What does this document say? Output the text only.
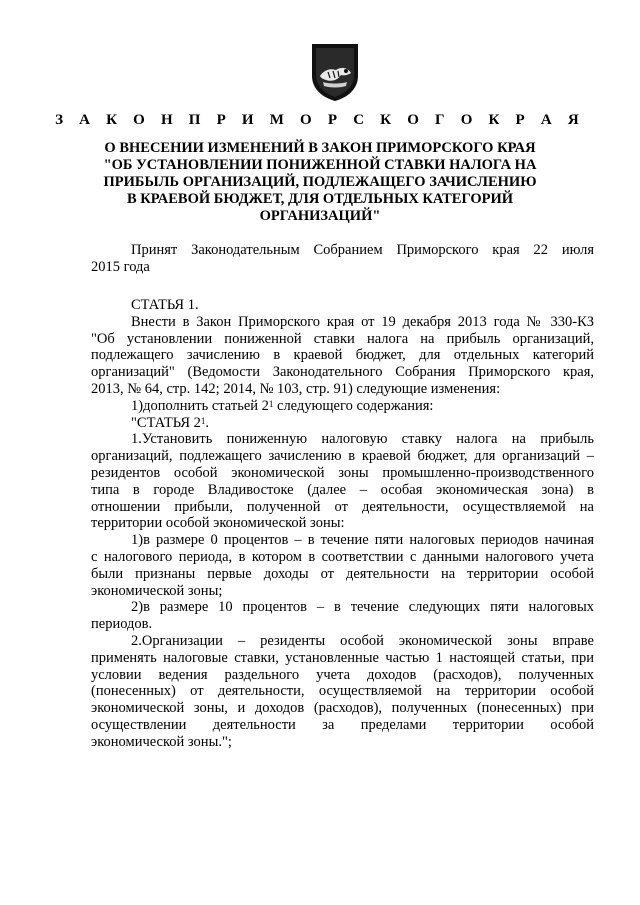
З А К О Н П Р И М О Р С К О Г О К Р А Я
О ВНЕСЕНИИ ИЗМЕНЕНИЙ В ЗАКОН ПРИМОРСКОГО КРАЯ
"ОБ УСТАНОВЛЕНИИ ПОНИЖЕННОЙ СТАВКИ НАЛОГА НА
ПРИБЫЛЬ ОРГАНИЗАЦИЙ, ПОДЛЕЖАЩЕГО ЗАЧИСЛЕНИЮ
В КРАЕВОЙ БЮДЖЕТ, ДЛЯ ОТДЕЛЬНЫХ КАТЕГОРИЙ
ОРГАНИЗАЦИЙ"
Принят Законодательным Собранием Приморского края 22 июля
2015 года
СТАТЬЯ 1.
Внести в Закон Приморского края от 19 декабря 2013 года № 330-КЗ
"Об установлении пониженной ставки налога на прибыль организаций,
подлежащего зачислению в краевой бюджет, для отдельных категорий
организаций" (Ведомости Законодательного Собрания Приморского края,
2013, № 64, стр. 142; 2014, № 103, стр. 91) следующие изменения:
1)дополнить статьей $2^1$ следующего содержания:
"СТАТЬЯ $2^1$.
1.Установить пониженную налоговую ставку налога на прибыль
организаций, подлежащего зачислению в краевой бюджет, для организаций –
резидентов особой экономической зоны промышленно-производственного
типа в городе Владивостоке (далее – особая экономическая зона) в
отношении прибыли, полученной от деятельности, осуществляемой на
территории особой экономической зоны:
1)в размере 0 процентов – в течение пяти налоговых периодов начиная
с налогового периода, в котором в соответствии с данными налогового учета
были признаны первые доходы от деятельности на территории особой
экономической зоны;
2)в размере 10 процентов – в течение следующих пяти налоговых
периодов.
2.Организации – резиденты особой экономической зоны вправе
применять налоговые ставки, установленные частью 1 настоящей статьи, при
условии ведения раздельного учета доходов (расходов), полученных
(понесенных) от деятельности, осуществляемой на территории особой
экономической зоны, и доходов (расходов), полученных (понесенных) при
осуществлении деятельности за пределами территории особой
экономической зоны.";
